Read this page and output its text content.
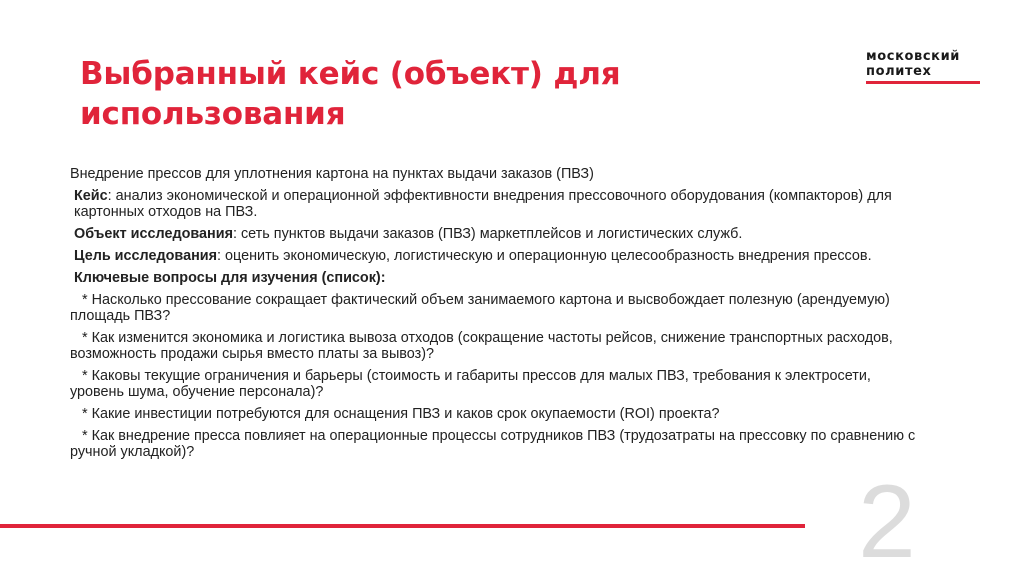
Выбранный кейс (объект) для
использования
московский
политех
Внедрение прессов для уплотнения картона на пунктах выдачи заказов (ПВЗ)
Кейс: анализ экономической и операционной эффективности внедрения прессовочного оборудования (компакторов) для картонных отходов на ПВЗ.
Объект исследования: сеть пунктов выдачи заказов (ПВЗ) маркетплейсов и логистических служб.
Цель исследования: оценить экономическую, логистическую и операционную целесообразность внедрения прессов.
Ключевые вопросы для изучения (список):
* Насколько прессование сокращает фактический объем занимаемого картона и высвобождает полезную (арендуемую) площадь ПВЗ?
* Как изменится экономика и логистика вывоза отходов (сокращение частоты рейсов, снижение транспортных расходов, возможность продажи сырья вместо платы за вывоз)?
* Каковы текущие ограничения и барьеры (стоимость и габариты прессов для малых ПВЗ, требования к электросети, уровень шума, обучение персонала)?
* Какие инвестиции потребуются для оснащения ПВЗ и каков срок окупаемости (ROI) проекта?
* Как внедрение пресса повлияет на операционные процессы сотрудников ПВЗ (трудозатраты на прессовку по сравнению с ручной укладкой)?
2
